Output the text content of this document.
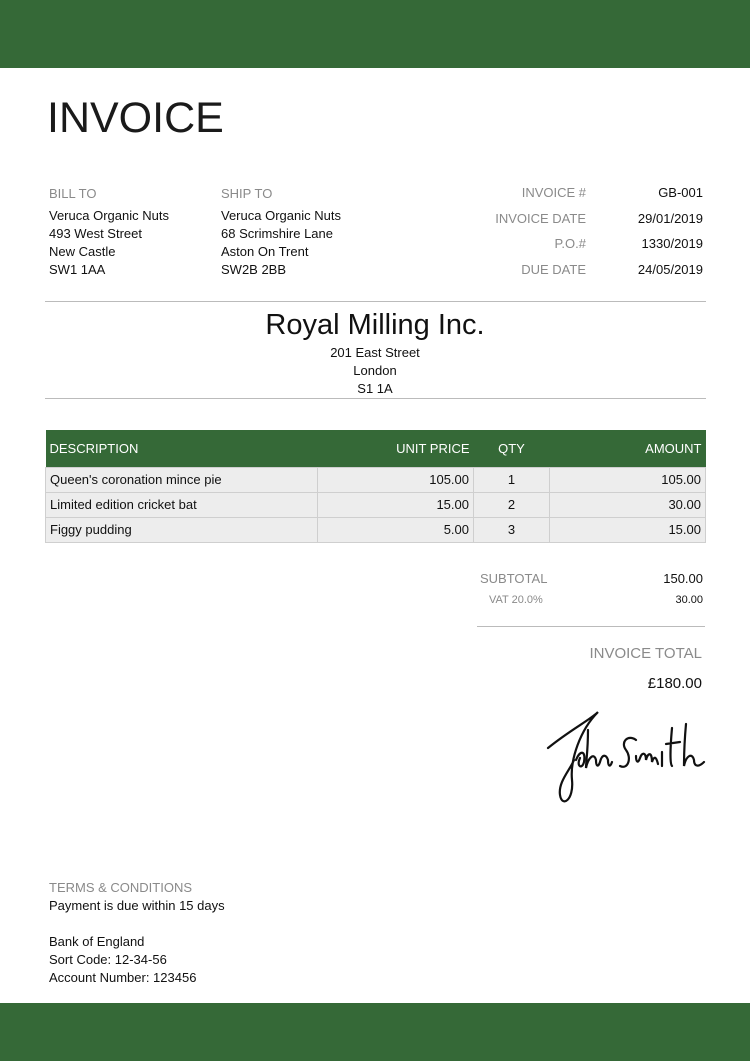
INVOICE
BILL TO
Veruca Organic Nuts
493 West Street
New Castle
SW1 1AA
SHIP TO
Veruca Organic Nuts
68 Scrimshire Lane
Aston On Trent
SW2B 2BB
INVOICE #	GB-001
INVOICE DATE	29/01/2019
P.O.#	1330/2019
DUE DATE	24/05/2019
Royal Milling Inc.
201 East Street
London
S1 1A
DESCRIPTION	UNIT PRICE	QTY	AMOUNT
Queen's coronation mince pie	105.00	1	105.00
Limited edition cricket bat	15.00	2	30.00
Figgy pudding	5.00	3	15.00
SUBTOTAL	150.00
VAT 20.0%	30.00
INVOICE TOTAL
£180.00
TERMS & CONDITIONS
Payment is due within 15 days
Bank of England
Sort Code: 12-34-56
Account Number: 123456
